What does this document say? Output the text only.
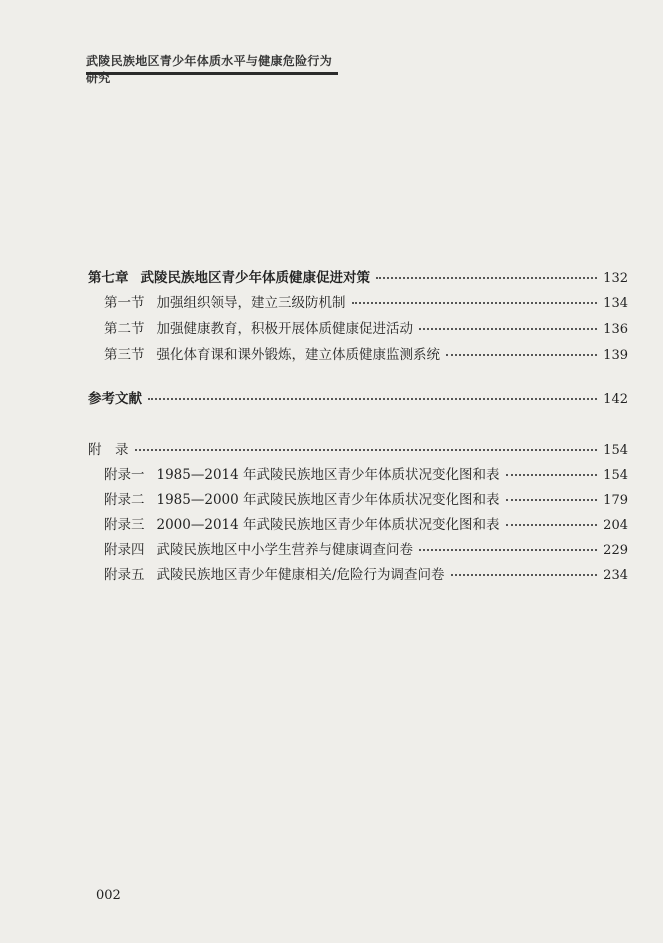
武陵民族地区青少年体质水平与健康危险行为研究
第七章 武陵民族地区青少年体质健康促进对策	132
第一节 加强组织领导，建立三级防机制	134
第二节 加强健康教育，积极开展体质健康促进活动	136
第三节 强化体育课和课外锻炼，建立体质健康监测系统	139
参考文献	142
附　录	154
附录一 1985—2014 年武陵民族地区青少年体质状况变化图和表	154
附录二 1985—2000 年武陵民族地区青少年体质状况变化图和表	179
附录三 2000—2014 年武陵民族地区青少年体质状况变化图和表	204
附录四 武陵民族地区中小学生营养与健康调查问卷	229
附录五 武陵民族地区青少年健康相关/危险行为调查问卷	234
002
